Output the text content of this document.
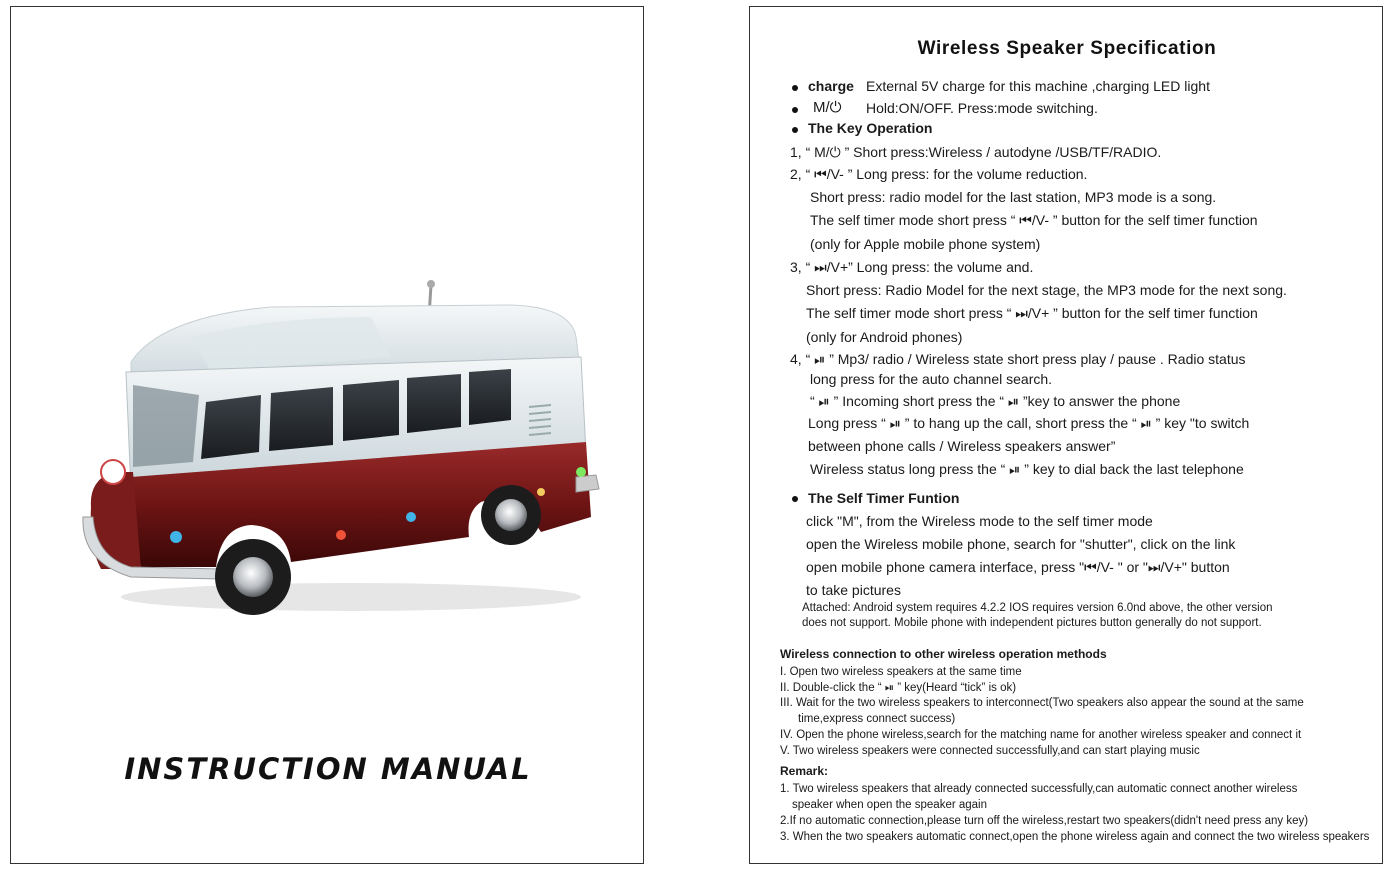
INSTRUCTION MANUAL
Wireless Speaker Specification
charge External 5V charge for this machine ,charging LED light
M/⏻ Hold:ON/OFF. Press:mode switching.
The Key Operation
1, “ M/⏻ ” Short press:Wireless / autodyne /USB/TF/RADIO.
2, “ ⏮/V- ” Long press: for the volume reduction.
Short press: radio model for the last station, MP3 mode is a song.
The self timer mode short press “ ⏮/V- ” button for the self timer function
(only for Apple mobile phone system)
3, “ ⏭/V+” Long press: the volume and.
Short press: Radio Model for the next stage, the MP3 mode for the next song.
The self timer mode short press “ ⏭/V+ ” button for the self timer function
(only for Android phones)
4, “ ⏯ ” Mp3/ radio / Wireless state short press play / pause . Radio status
long press for the auto channel search.
“ ⏯ ” Incoming short press the “ ⏯ ”key to answer the phone
Long press “ ⏯ ” to hang up the call, short press the “ ⏯ ” key "to switch
between phone calls / Wireless speakers answer”
Wireless status long press the “ ⏯ ” key to dial back the last telephone
The Self Timer Funtion
click "M", from the Wireless mode to the self timer mode
open the Wireless mobile phone, search for "shutter", click on the link
open mobile phone camera interface, press "⏮/V- " or "⏭/V+" button
to take pictures
Attached: Android system requires 4.2.2 IOS requires version 6.0nd above, the other version
does not support. Mobile phone with independent pictures button generally do not support.
Wireless connection to other wireless operation methods
I. Open two wireless speakers at the same time
II. Double-click the “ ⏯ ” key(Heard “tick” is ok)
III. Wait for the two wireless speakers to interconnect(Two speakers also appear the sound at the same
time,express connect success)
IV. Open the phone wireless,search for the matching name for another wireless speaker and connect it
V. Two wireless speakers were connected successfully,and can start playing music
Remark:
1. Two wireless speakers that already connected successfully,can automatic connect another wireless
speaker when open the speaker again
2.If no automatic connection,please turn off the wireless,restart two speakers(didn't need press any key)
3. When the two speakers automatic connect,open the phone wireless again and connect the two wireless speakers
